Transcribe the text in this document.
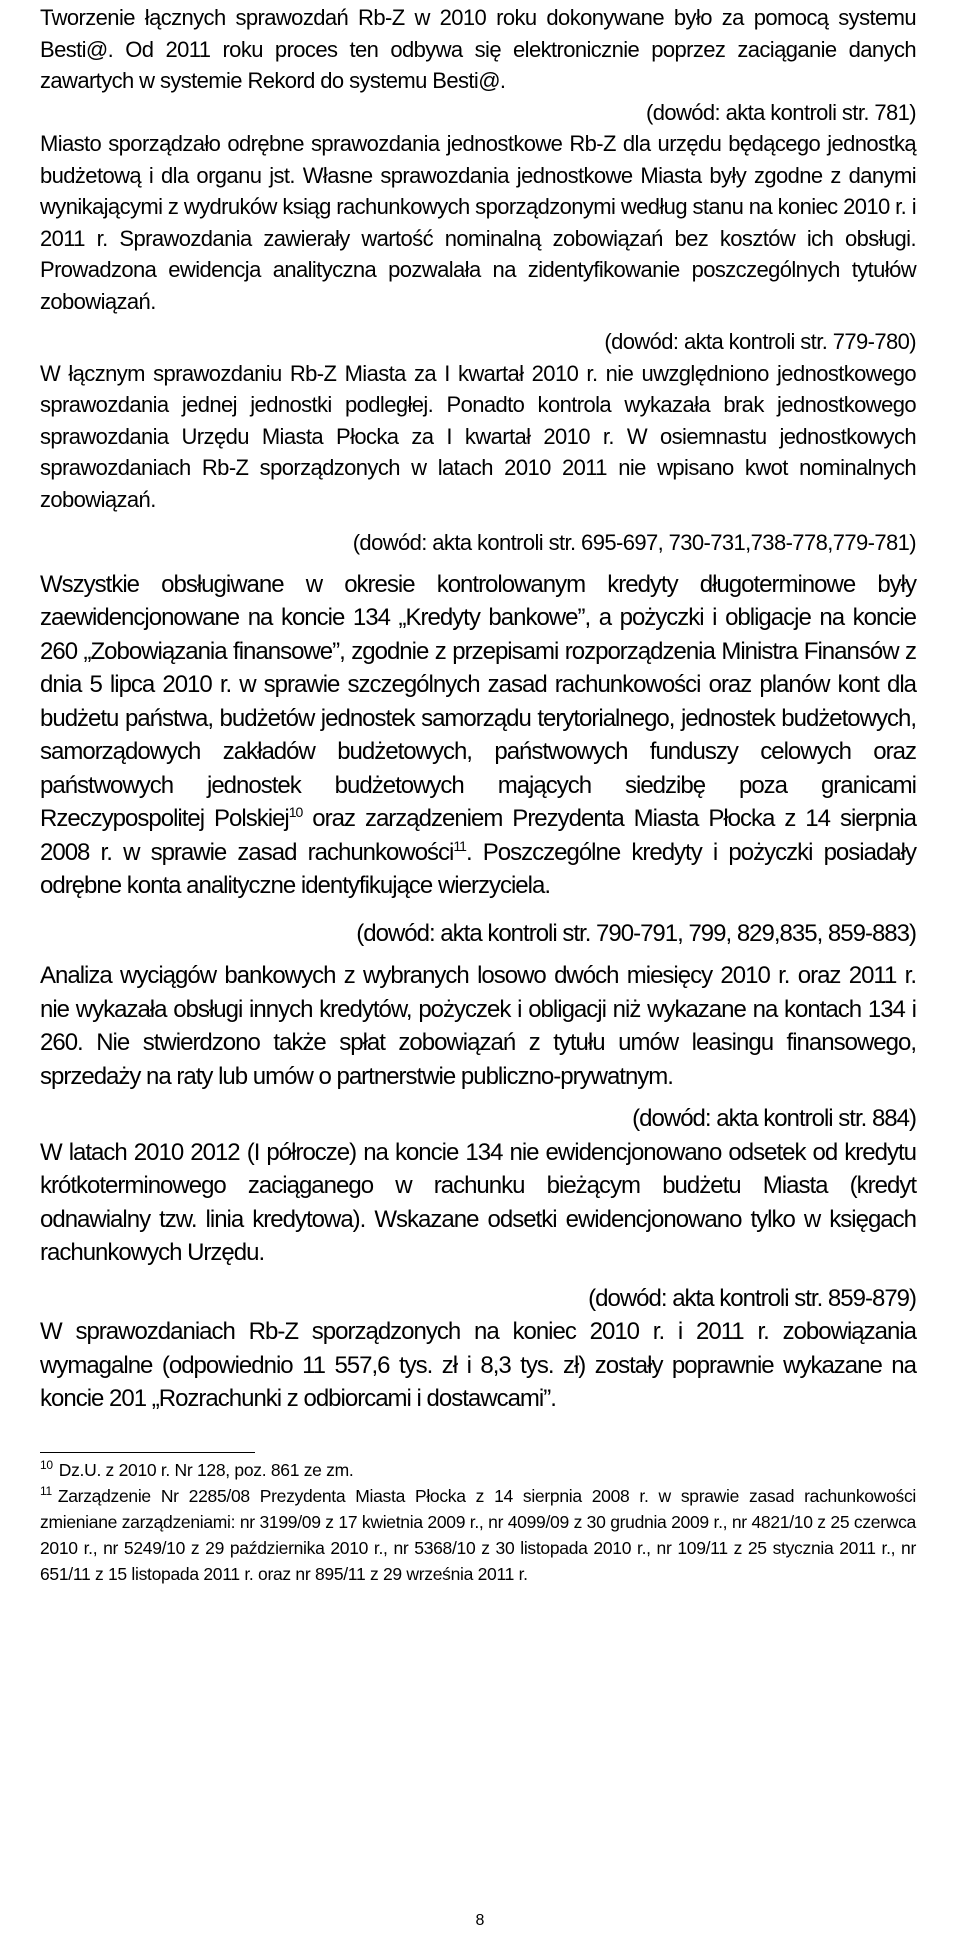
Tworzenie łącznych sprawozdań Rb-Z w 2010 roku dokonywane było za pomocą systemu Besti@. Od 2011 roku proces ten odbywa się elektronicznie poprzez zaciąganie danych zawartych w systemie Rekord do systemu Besti@.

(dowód: akta kontroli str. 781)

Miasto sporządzało odrębne sprawozdania jednostkowe Rb-Z dla urzędu będącego jednostką budżetową i dla organu jst. Własne sprawozdania jednostkowe Miasta były zgodne z danymi wynikającymi z wydruków ksiąg rachunkowych sporządzonymi według stanu na koniec 2010 r. i 2011 r. Sprawozdania zawierały wartość nominalną zobowiązań bez kosztów ich obsługi. Prowadzona ewidencja analityczna pozwalała na zidentyfikowanie poszczególnych tytułów zobowiązań.

(dowód: akta kontroli str. 779-780)

W łącznym sprawozdaniu Rb-Z Miasta za I kwartał 2010 r. nie uwzględniono jednostkowego sprawozdania jednej jednostki podległej. Ponadto kontrola wykazała brak jednostkowego sprawozdania Urzędu Miasta Płocka za I kwartał 2010 r. W osiemnastu jednostkowych sprawozdaniach Rb-Z sporządzonych w latach 2010 2011 nie wpisano kwot nominalnych zobowiązań.

(dowód: akta kontroli str. 695-697, 730-731,738-778,779-781)

Wszystkie obsługiwane w okresie kontrolowanym kredyty długoterminowe były zaewidencjonowane na koncie 134 „Kredyty bankowe”, a pożyczki i obligacje na koncie 260 „Zobowiązania finansowe”, zgodnie z przepisami rozporządzenia Ministra Finansów z dnia 5 lipca 2010 r. w sprawie szczególnych zasad rachunkowości oraz planów kont dla budżetu państwa, budżetów jednostek samorządu terytorialnego, jednostek budżetowych, samorządowych zakładów budżetowych, państwowych funduszy celowych oraz państwowych jednostek budżetowych mających siedzibę poza granicami Rzeczypospolitej Polskiej$^{10}$ oraz zarządzeniem Prezydenta Miasta Płocka z 14 sierpnia 2008 r. w sprawie zasad rachunkowości$^{11}$. Poszczególne kredyty i pożyczki posiadały odrębne konta analityczne identyfikujące wierzyciela.

(dowód: akta kontroli str. 790-791, 799, 829,835, 859-883)

Analiza wyciągów bankowych z wybranych losowo dwóch miesięcy 2010 r. oraz 2011 r. nie wykazała obsługi innych kredytów, pożyczek i obligacji niż wykazane na kontach 134 i 260. Nie stwierdzono także spłat zobowiązań z tytułu umów leasingu finansowego, sprzedaży na raty lub umów o partnerstwie publiczno-prywatnym.

(dowód: akta kontroli str. 884)

W latach 2010 2012 (I półrocze) na koncie 134 nie ewidencjonowano odsetek od kredytu krótkoterminowego zaciąganego w rachunku bieżącym budżetu Miasta (kredyt odnawialny tzw. linia kredytowa). Wskazane odsetki ewidencjonowano tylko w księgach rachunkowych Urzędu.

(dowód: akta kontroli str. 859-879)

W sprawozdaniach Rb-Z sporządzonych na koniec 2010 r. i 2011 r. zobowiązania wymagalne (odpowiednio 11 557,6 tys. zł i 8,3 tys. zł) zostały poprawnie wykazane na koncie 201 „Rozrachunki z odbiorcami i dostawcami”.

$^{10}$ Dz.U. z 2010 r. Nr 128, poz. 861 ze zm.

$^{11}$ Zarządzenie Nr 2285/08 Prezydenta Miasta Płocka z 14 sierpnia 2008 r. w sprawie zasad rachunkowości zmieniane zarządzeniami: nr 3199/09 z 17 kwietnia 2009 r., nr 4099/09 z 30 grudnia 2009 r., nr 4821/10 z 25 czerwca 2010 r., nr 5249/10 z 29 października 2010 r., nr 5368/10 z 30 listopada 2010 r., nr 109/11 z 25 stycznia 2011 r., nr 651/11 z 15 listopada 2011 r. oraz nr 895/11 z 29 września 2011 r.

8
